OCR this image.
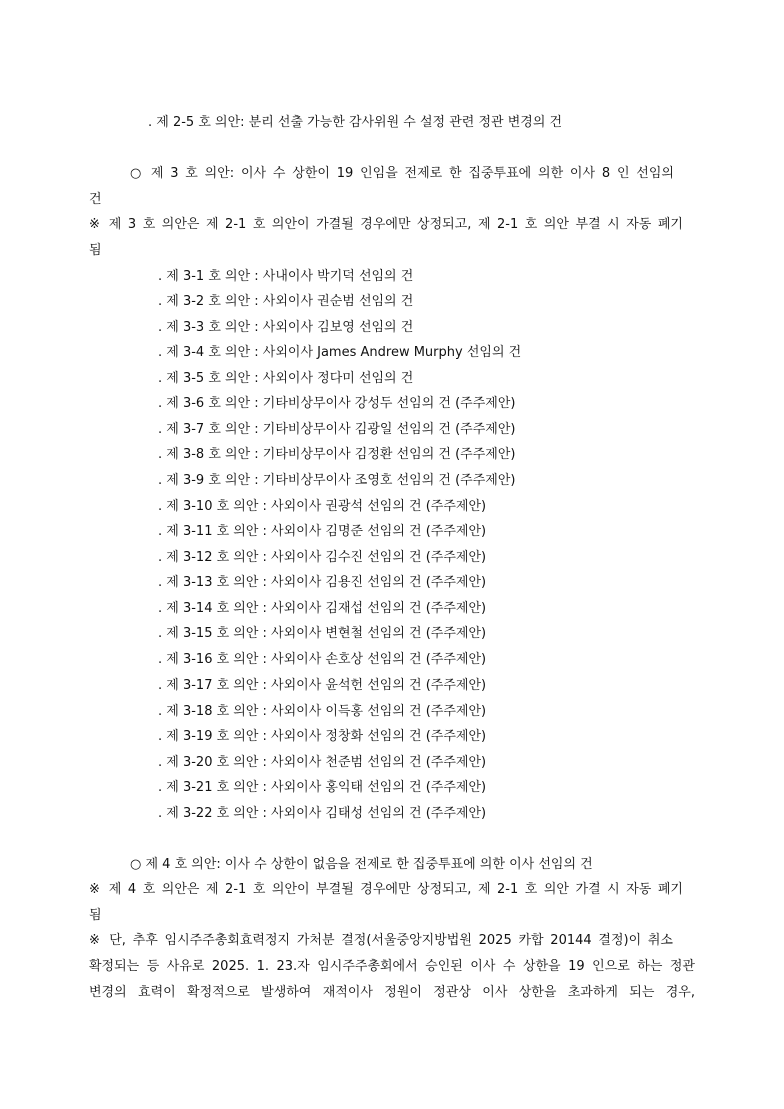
. 제 2-5 호 의안: 분리 선출 가능한 감사위원 수 설정 관련 정관 변경의 건
○ 제 3 호 의안: 이사 수 상한이 19 인임을 전제로 한 집중투표에 의한 이사 8 인 선임의
건
※ 제 3 호 의안은 제 2-1 호 의안이 가결될 경우에만 상정되고, 제 2-1 호 의안 부결 시 자동 폐기
됨
. 제 3-1 호 의안 : 사내이사 박기덕 선임의 건
. 제 3-2 호 의안 : 사외이사 권순범 선임의 건
. 제 3-3 호 의안 : 사외이사 김보영 선임의 건
. 제 3-4 호 의안 : 사외이사 James Andrew Murphy 선임의 건
. 제 3-5 호 의안 : 사외이사 정다미 선임의 건
. 제 3-6 호 의안 : 기타비상무이사 강성두 선임의 건 (주주제안)
. 제 3-7 호 의안 : 기타비상무이사 김광일 선임의 건 (주주제안)
. 제 3-8 호 의안 : 기타비상무이사 김정환 선임의 건 (주주제안)
. 제 3-9 호 의안 : 기타비상무이사 조영호 선임의 건 (주주제안)
. 제 3-10 호 의안 : 사외이사 권광석 선임의 건 (주주제안)
. 제 3-11 호 의안 : 사외이사 김명준 선임의 건 (주주제안)
. 제 3-12 호 의안 : 사외이사 김수진 선임의 건 (주주제안)
. 제 3-13 호 의안 : 사외이사 김용진 선임의 건 (주주제안)
. 제 3-14 호 의안 : 사외이사 김재섭 선임의 건 (주주제안)
. 제 3-15 호 의안 : 사외이사 변현철 선임의 건 (주주제안)
. 제 3-16 호 의안 : 사외이사 손호상 선임의 건 (주주제안)
. 제 3-17 호 의안 : 사외이사 윤석헌 선임의 건 (주주제안)
. 제 3-18 호 의안 : 사외이사 이득홍 선임의 건 (주주제안)
. 제 3-19 호 의안 : 사외이사 정창화 선임의 건 (주주제안)
. 제 3-20 호 의안 : 사외이사 천준범 선임의 건 (주주제안)
. 제 3-21 호 의안 : 사외이사 홍익태 선임의 건 (주주제안)
. 제 3-22 호 의안 : 사외이사 김태성 선임의 건 (주주제안)
○ 제 4 호 의안: 이사 수 상한이 없음을 전제로 한 집중투표에 의한 이사 선임의 건
※ 제 4 호 의안은 제 2-1 호 의안이 부결될 경우에만 상정되고, 제 2-1 호 의안 가결 시 자동 폐기
됨
※ 단, 추후 임시주주총회효력정지 가처분 결정(서울중앙지방법원 2025 카합 20144 결정)이 취소
확정되는 등 사유로 2025. 1. 23.자 임시주주총회에서 승인된 이사 수 상한을 19 인으로 하는 정관
변경의 효력이 확정적으로 발생하여 재적이사 정원이 정관상 이사 상한을 초과하게 되는 경우,
